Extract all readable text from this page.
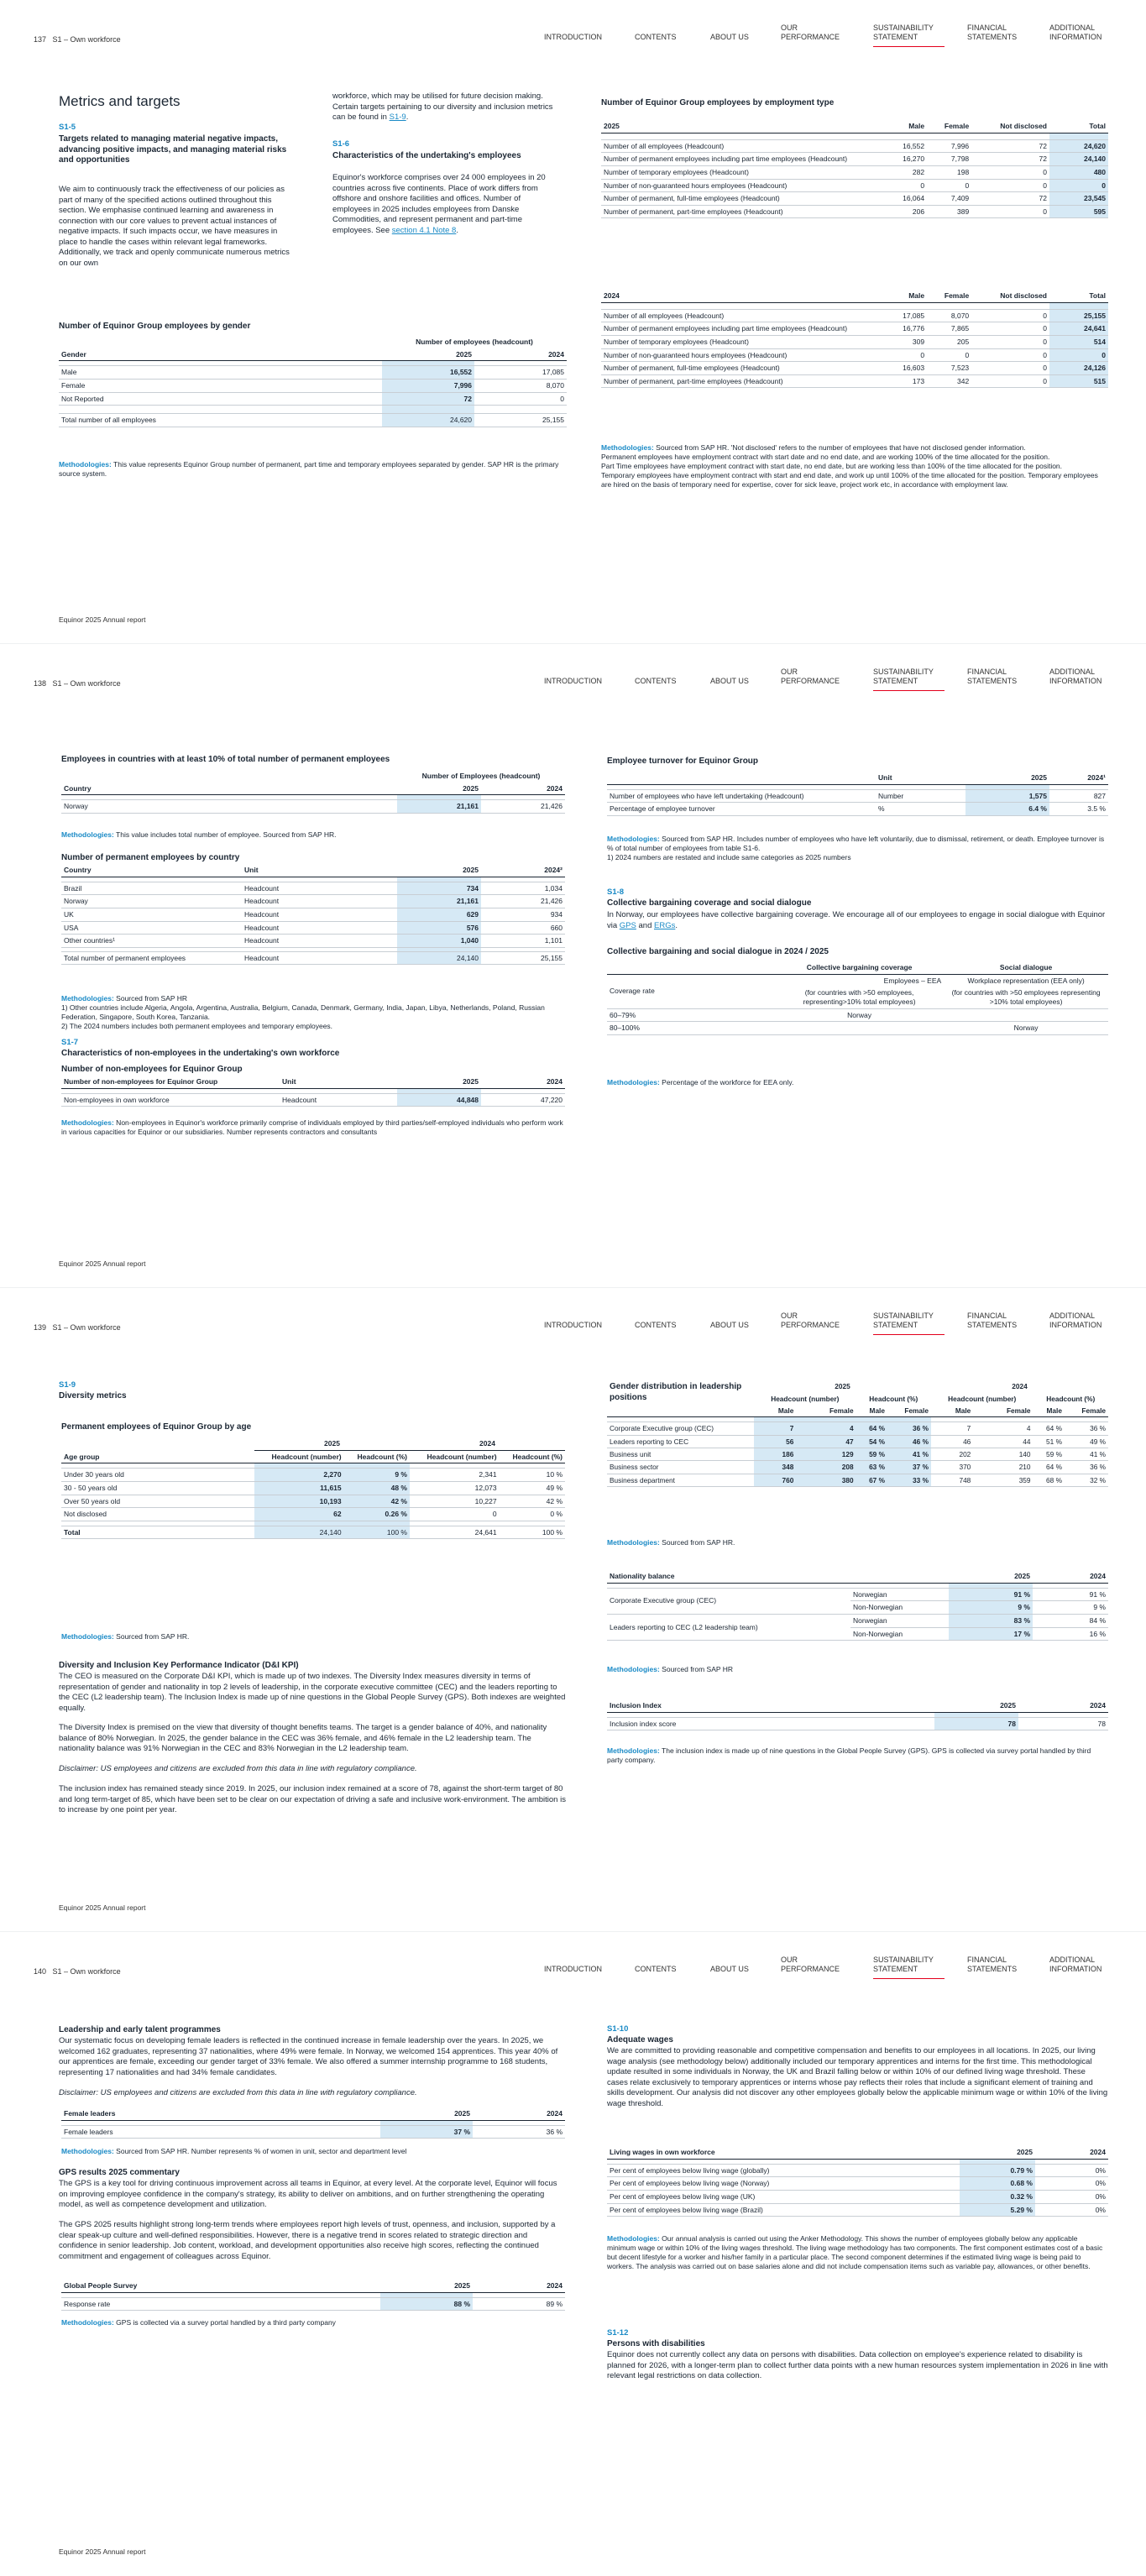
137 S1 – Own workforce	INTRODUCTION	CONTENTS	ABOUT US
OUR PERFORMANCE
SUSTAINABILITY STATEMENT
FINANCIAL STATEMENTS
ADDITIONAL INFORMATION
Metrics and targets
S1-5
Targets related to managing material negative impacts, advancing positive impacts, and managing material risks and opportunities
We aim to continuously track the effectiveness of our policies as part of many of the specified actions outlined throughout this section. We emphasise continued learning and awareness in connection with our core values to prevent actual instances of negative impacts. If such impacts occur, we have measures in place to handle the cases within relevant legal frameworks. Additionally, we track and openly communicate numerous metrics on our own
workforce, which may be utilised for future decision making. Certain targets pertaining to our diversity and inclusion metrics can be found in S1-9.
S1-6
Characteristics of the undertaking's employees
Equinor's workforce comprises over 24 000 employees in 20 countries across five continents. Place of work differs from offshore and onshore facilities and offices. Number of employees in 2025 includes employees from Danske Commodities, and represent permanent and part-time employees. See section 4.1 Note 8.
Number of Equinor Group employees by gender
	Number of employees (headcount)	
Gender	2025	2024

Male	16,552	17,085
Female	7,996	8,070
Not Reported	72	0

Total number of all employees	24,620	25,155
Methodologies: This value represents Equinor Group number of permanent, part time and temporary employees separated by gender. SAP HR is the primary source system.
Number of Equinor Group employees by employment type
2025	Male	Female	Not disclosed	Total

Number of all employees (Headcount)	16,552	7,996	72	24,620
Number of permanent employees including part time employees (Headcount)	16,270	7,798	72	24,140
Number of temporary employees (Headcount)	282	198	0	480
Number of non-guaranteed hours employees (Headcount)	0	0	0	0
Number of permanent, full-time employees (Headcount)	16,064	7,409	72	23,545
Number of permanent, part-time employees (Headcount)	206	389	0	595
2024	Male	Female	Not disclosed	Total

Number of all employees (Headcount)	17,085	8,070	0	25,155
Number of permanent employees including part time employees (Headcount)	16,776	7,865	0	24,641
Number of temporary employees (Headcount)	309	205	0	514
Number of non-guaranteed hours employees (Headcount)	0	0	0	0
Number of permanent, full-time employees (Headcount)	16,603	7,523	0	24,126
Number of permanent, part-time employees (Headcount)	173	342	0	515
Methodologies: Sourced from SAP HR. 'Not disclosed' refers to the number of employees that have not disclosed gender information.
Permanent employees have employment contract with start date and no end date, and are working 100% of the time allocated for the position.
Part Time employees have employment contract with start date, no end date, but are working less than 100% of the time allocated for the position.
Temporary employees have employment contract with start and end date, and work up until 100% of the time allocated for the position. Temporary employees are hired on the basis of temporary need for expertise, cover for sick leave, project work etc, in accordance with employment law.
Equinor 2025 Annual report
138 S1 – Own workforce	INTRODUCTION	CONTENTS	ABOUT US
OUR PERFORMANCE
SUSTAINABILITY STATEMENT
FINANCIAL STATEMENTS
ADDITIONAL INFORMATION
Employees in countries with at least 10% of total number of permanent employees
	Number of Employees (headcount)	
Country	2025	2024

Norway	21,161	21,426
Methodologies: This value includes total number of employee. Sourced from SAP HR.
Number of permanent employees by country
Country	Unit	2025	2024²

Brazil	Headcount	734	1,034
Norway	Headcount	21,161	21,426
UK	Headcount	629	934
USA	Headcount	576	660
Other countries¹	Headcount	1,040	1,101

Total number of permanent employees	Headcount	24,140	25,155
Methodologies: Sourced from SAP HR
1) Other countries include Algeria, Angola, Argentina, Australia, Belgium, Canada, Denmark, Germany, India, Japan, Libya, Netherlands, Poland, Russian Federation, Singapore, South Korea, Tanzania.
2) The 2024 numbers includes both permanent employees and temporary employees.
S1-7
Characteristics of non-employees in the undertaking's own workforce
Number of non-employees for Equinor Group
Number of non-employees for Equinor Group	Unit	2025	2024

Non-employees in own workforce	Headcount	44,848	47,220
Methodologies: Non-employees in Equinor's workforce primarily comprise of individuals employed by third parties/self-employed individuals who perform work in various capacities for Equinor or our subsidiaries. Number represents contractors and consultants
Employee turnover for Equinor Group
	Unit	2025	2024¹

Number of employees who have left undertaking (Headcount)	Number	1,575	827
Percentage of employee turnover	%	6.4 %	3.5 %
Methodologies: Sourced from SAP HR. Includes number of employees who have left voluntarily, due to dismissal, retirement, or death. Employee turnover is % of total number of employees from table S1-6.
1) 2024 numbers are restated and include same categories as 2025 numbers
S1-8
Collective bargaining coverage and social dialogue
In Norway, our employees have collective bargaining coverage. We encourage all of our employees to engage in social dialogue with Equinor via GPS and ERGs.
Collective bargaining and social dialogue in 2024 / 2025
	Collective bargaining coverage	Social dialogue
Coverage rate	Employees – EEA	Workplace representation (EEA only)
	(for countries with >50 employees, representing>10% total employees)	(for countries with >50 employees representing >10% total employees)
60–79%	Norway	
80–100%		Norway
Methodologies: Percentage of the workforce for EEA only.
Equinor 2025 Annual report
139 S1 – Own workforce	INTRODUCTION	CONTENTS	ABOUT US
OUR PERFORMANCE
SUSTAINABILITY STATEMENT
FINANCIAL STATEMENTS
ADDITIONAL INFORMATION
S1-9
Diversity metrics
Permanent employees of Equinor Group by age
	2025		2024	
Age group	Headcount (number)	Headcount (%)	Headcount (number)	Headcount (%)

Under 30 years old	2,270	9 %	2,341	10 %
30 - 50 years old	11,615	48 %	12,073	49 %
Over 50 years old	10,193	42 %	10,227	42 %
Not disclosed	62	0.26 %	0	0 %

Total	24,140	100 %	24,641	100 %
Methodologies: Sourced from SAP HR.
Diversity and Inclusion Key Performance Indicator (D&I KPI)
The CEO is measured on the Corporate D&I KPI, which is made up of two indexes. The Diversity Index measures diversity in terms of representation of gender and nationality in top 2 levels of leadership, in the corporate executive committee (CEC) and the leaders reporting to the CEC (L2 leadership team). The Inclusion Index is made up of nine questions in the Global People Survey (GPS). Both indexes are weighted equally.
The Diversity Index is premised on the view that diversity of thought benefits teams. The target is a gender balance of 40%, and nationality balance of 80% Norwegian. In 2025, the gender balance in the CEC was 36% female, and 46% female in the L2 leadership team. The nationality balance was 91% Norwegian in the CEC and 83% Norwegian in the L2 leadership team.
Disclaimer: US employees and citizens are excluded from this data in line with regulatory compliance.
The inclusion index has remained steady since 2019. In 2025, our inclusion index remained at a score of 78, against the short-term target of 80 and long term-target of 85, which have been set to be clear on our expectation of driving a safe and inclusive work-environment. The ambition is to increase by one point per year.
Gender distribution in leadership positions	2025				2024			
	Headcount (number)		Headcount (%)		Headcount (number)		Headcount (%)	
	Male	Female	Male	Female	Male	Female	Male	Female

Corporate Executive group (CEC)	7	4	64 %	36 %	7	4	64 %	36 %
Leaders reporting to CEC	56	47	54 %	46 %	46	44	51 %	49 %
Business unit	186	129	59 %	41 %	202	140	59 %	41 %
Business sector	348	208	63 %	37 %	370	210	64 %	36 %
Business department	760	380	67 %	33 %	748	359	68 %	32 %
Methodologies: Sourced from SAP HR.
Nationality balance		2025	2024

Corporate Executive group (CEC)	Norwegian	91 %	91 %
	Non-Norwegian	9 %	9 %
Leaders reporting to CEC (L2 leadership team)	Norwegian	83 %	84 %
	Non-Norwegian	17 %	16 %
Methodologies: Sourced from SAP HR
Inclusion Index	2025	2024

Inclusion index score	78	78
Methodologies: The inclusion index is made up of nine questions in the Global People Survey (GPS). GPS is collected via survey portal handled by third party company.
Equinor 2025 Annual report
140 S1 – Own workforce	INTRODUCTION	CONTENTS	ABOUT US
OUR PERFORMANCE
SUSTAINABILITY STATEMENT
FINANCIAL STATEMENTS
ADDITIONAL INFORMATION
Leadership and early talent programmes
Our systematic focus on developing female leaders is reflected in the continued increase in female leadership over the years. In 2025, we welcomed 162 graduates, representing 37 nationalities, where 49% were female. In Norway, we welcomed 154 apprentices. This year 40% of our apprentices are female, exceeding our gender target of 33% female. We also offered a summer internship programme to 168 students, representing 17 nationalities and had 34% female candidates.
Disclaimer: US employees and citizens are excluded from this data in line with regulatory compliance.
Female leaders	2025	2024

Female leaders	37 %	36 %
Methodologies: Sourced from SAP HR. Number represents % of women in unit, sector and department level
GPS results 2025 commentary
The GPS is a key tool for driving continuous improvement across all teams in Equinor, at every level. At the corporate level, Equinor will focus on improving employee confidence in the company's strategy, its ability to deliver on ambitions, and on further strengthening the operating model, as well as competence development and utilization.
The GPS 2025 results highlight strong long-term trends where employees report high levels of trust, openness, and inclusion, supported by a clear speak-up culture and well-defined responsibilities. However, there is a negative trend in scores related to strategic direction and confidence in senior leadership. Job content, workload, and development opportunities also receive high scores, reflecting the continued commitment and engagement of colleagues across Equinor.
Global People Survey	2025	2024

Response rate	88 %	89 %
Methodologies: GPS is collected via a survey portal handled by a third party company
S1-10
Adequate wages
We are committed to providing reasonable and competitive compensation and benefits to our employees in all locations. In 2025, our living wage analysis (see methodology below) additionally included our temporary apprentices and interns for the first time. This methodological update resulted in some individuals in Norway, the UK and Brazil falling below or within 10% of our defined living wage threshold. These cases relate exclusively to temporary apprentices or interns whose pay reflects their roles that include a significant element of training and skills development. Our analysis did not discover any other employees globally below the applicable minimum wage or within 10% of the living wage threshold.
Living wages in own workforce	2025	2024

Per cent of employees below living wage (globally)	0.79 %	0%
Per cent of employees below living wage (Norway)	0.68 %	0%
Per cent of employees below living wage (UK)	0.32 %	0%
Per cent of employees below living wage (Brazil)	5.29 %	0%
Methodologies: Our annual analysis is carried out using the Anker Methodology. This shows the number of employees globally below any applicable minimum wage or within 10% of the living wages threshold. The living wage methodology has two components. The first component estimates cost of a basic but decent lifestyle for a worker and his/her family in a particular place. The second component determines if the estimated living wage is being paid to workers. The analysis was carried out on base salaries alone and did not include compensation items such as variable pay, allowances, or other benefits.
S1-12
Persons with disabilities
Equinor does not currently collect any data on persons with disabilities. Data collection on employee's experience related to disability is planned for 2026, with a longer-term plan to collect further data points with a new human resources system implementation in 2026 in line with relevant legal restrictions on data collection.
Equinor 2025 Annual report
